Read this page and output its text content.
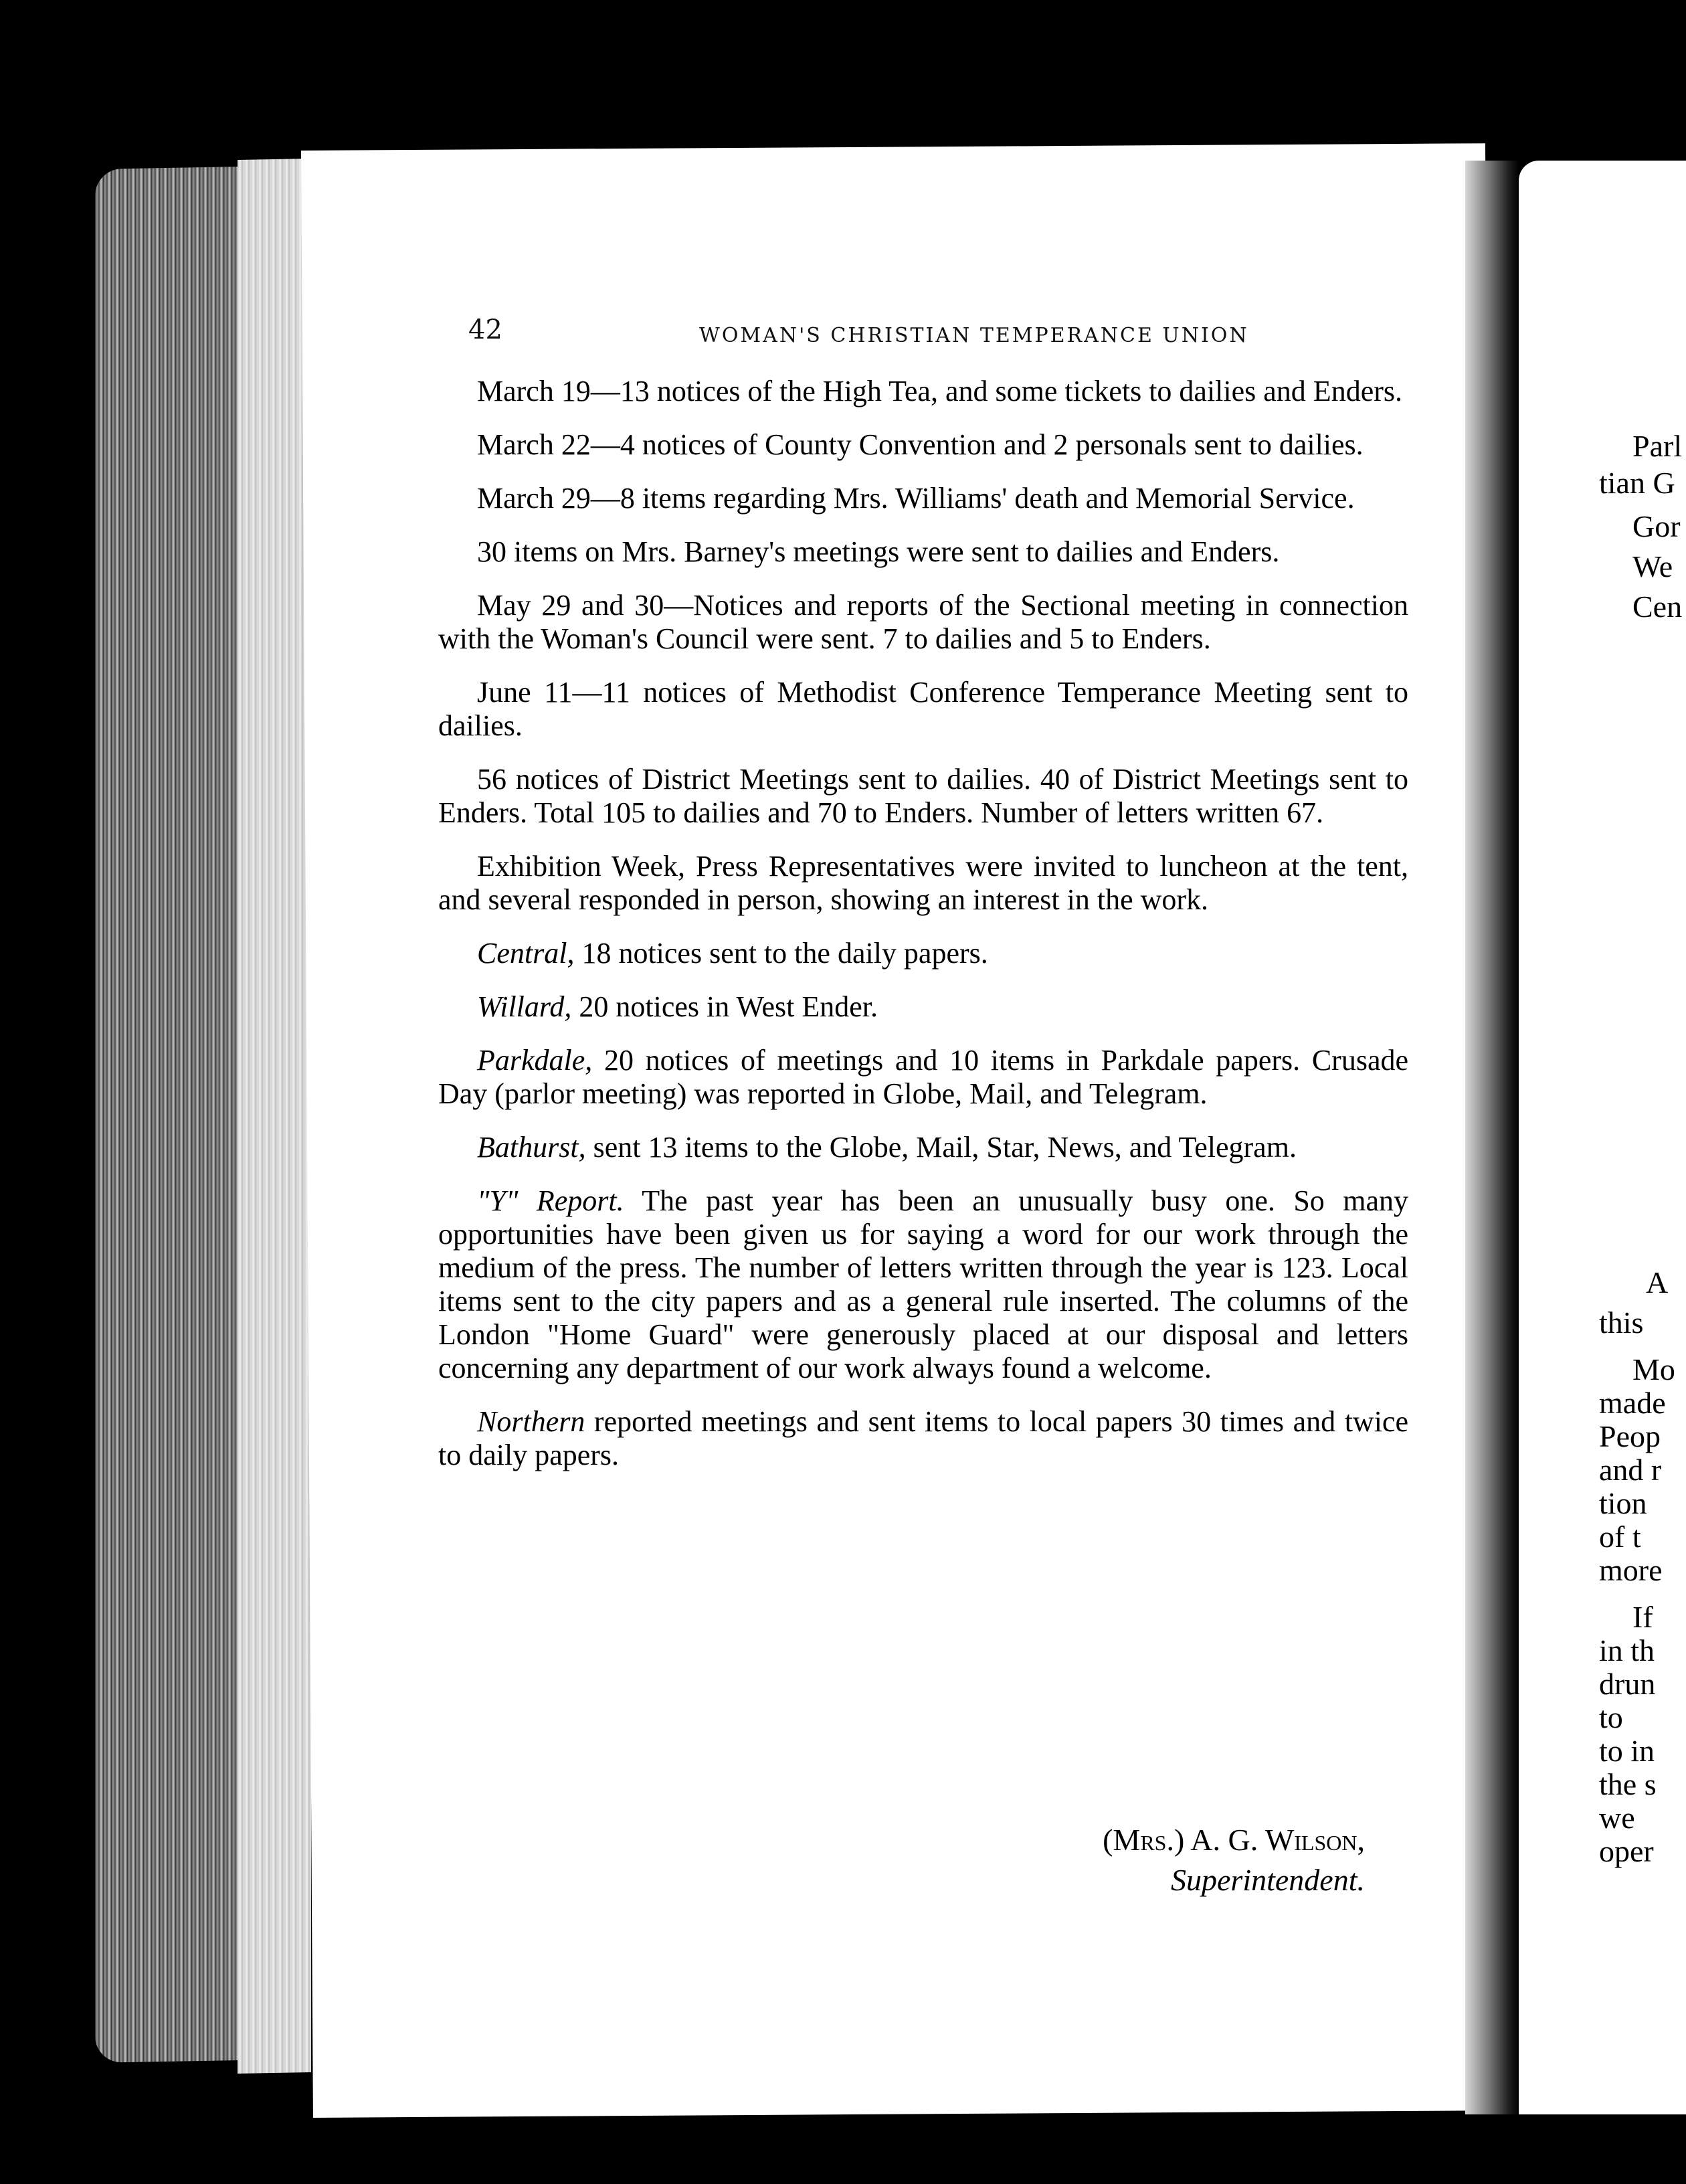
Parl
tian G
Gor
We
Cen
A
this
Mo
made
Peop
and r
tion
of t
more
If
in th
drun
to
to in
the s
we
oper
42	WOMAN'S CHRISTIAN TEMPERANCE UNION

March 19—13 notices of the High Tea, and some tickets to dailies and Enders.

March 22—4 notices of County Convention and 2 personals sent to dailies.

March 29—8 items regarding Mrs. Williams' death and Memorial Service.

30 items on Mrs. Barney's meetings were sent to dailies and Enders.

May 29 and 30—Notices and reports of the Sectional meeting in connection with the Woman's Council were sent. 7 to dailies and 5 to Enders.

June 11—11 notices of Methodist Conference Temperance Meeting sent to dailies.

56 notices of District Meetings sent to dailies. 40 of District Meetings sent to Enders. Total 105 to dailies and 70 to Enders. Number of letters written 67.

Exhibition Week, Press Representatives were invited to luncheon at the tent, and several responded in person, showing an interest in the work.

Central, 18 notices sent to the daily papers.

Willard, 20 notices in West Ender.

Parkdale, 20 notices of meetings and 10 items in Parkdale papers. Crusade Day (parlor meeting) was reported in Globe, Mail, and Telegram.

Bathurst, sent 13 items to the Globe, Mail, Star, News, and Telegram.

"Y" Report. The past year has been an unusually busy one. So many opportunities have been given us for saying a word for our work through the medium of the press. The number of letters written through the year is 123. Local items sent to the city papers and as a general rule inserted. The columns of the London "Home Guard" were generously placed at our disposal and letters concerning any department of our work always found a welcome.

Northern reported meetings and sent items to local papers 30 times and twice to daily papers.

(Mrs.) A. G. Wilson,
Superintendent.
